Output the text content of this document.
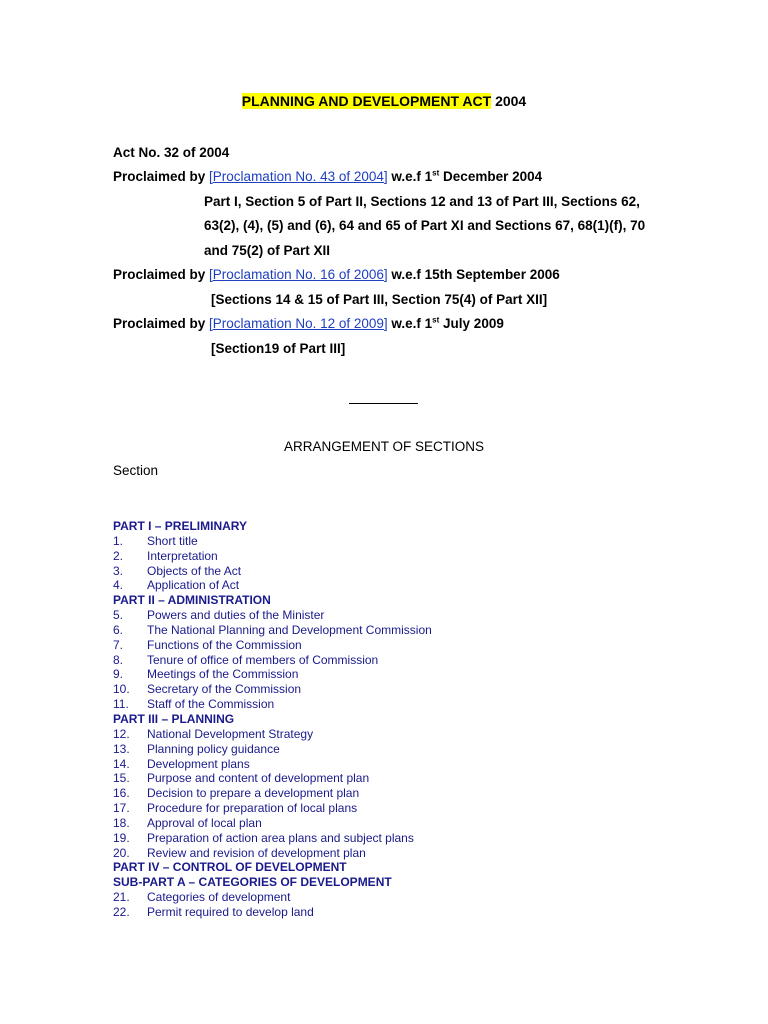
PLANNING AND DEVELOPMENT ACT 2004
Act No. 32 of 2004
Proclaimed by [Proclamation No. 43 of 2004] w.e.f 1st December 2004
Part I, Section 5 of Part II, Sections 12 and 13 of Part III, Sections 62,
63(2), (4), (5) and (6), 64 and 65 of Part XI and Sections 67, 68(1)(f), 70
and 75(2) of Part XII
Proclaimed by [Proclamation No. 16 of 2006] w.e.f 15th September 2006
[Sections 14 & 15 of Part III, Section 75(4) of Part XII]
Proclaimed by [Proclamation No. 12 of 2009] w.e.f 1st July 2009
[Section19 of Part III]
ARRANGEMENT OF SECTIONS
Section
PART I – PRELIMINARY
1. Short title
2. Interpretation
3. Objects of the Act
4. Application of Act
PART II – ADMINISTRATION
5. Powers and duties of the Minister
6. The National Planning and Development Commission
7. Functions of the Commission
8. Tenure of office of members of Commission
9. Meetings of the Commission
10. Secretary of the Commission
11. Staff of the Commission
PART III – PLANNING
12. National Development Strategy
13. Planning policy guidance
14. Development plans
15. Purpose and content of development plan
16. Decision to prepare a development plan
17. Procedure for preparation of local plans
18. Approval of local plan
19. Preparation of action area plans and subject plans
20. Review and revision of development plan
PART IV – CONTROL OF DEVELOPMENT
SUB-PART A – CATEGORIES OF DEVELOPMENT
21. Categories of development
22. Permit required to develop land
